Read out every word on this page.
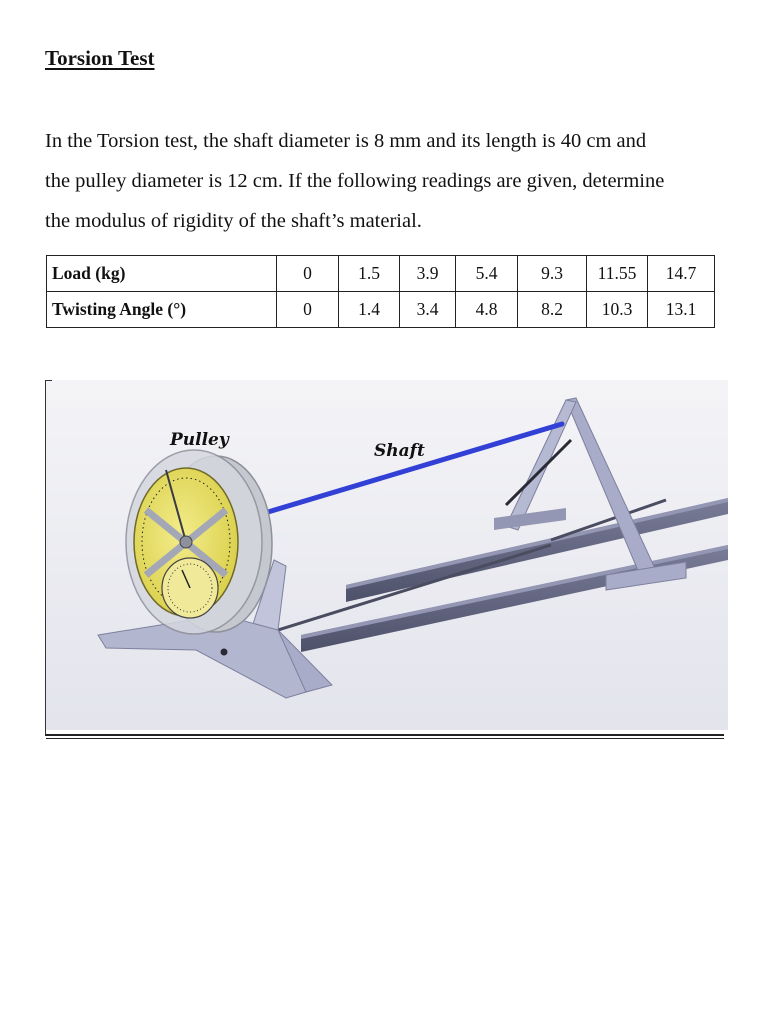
Torsion Test
In the Torsion test, the shaft diameter is 8 mm and its length is 40 cm and
the pulley diameter is 12 cm. If the following readings are given, determine
the modulus of rigidity of the shaft’s material.
Load (kg)	0	1.5	3.9	5.4	9.3	11.55	14.7
Twisting Angle (°)	0	1.4	3.4	4.8	8.2	10.3	13.1
Pulley
Shaft
